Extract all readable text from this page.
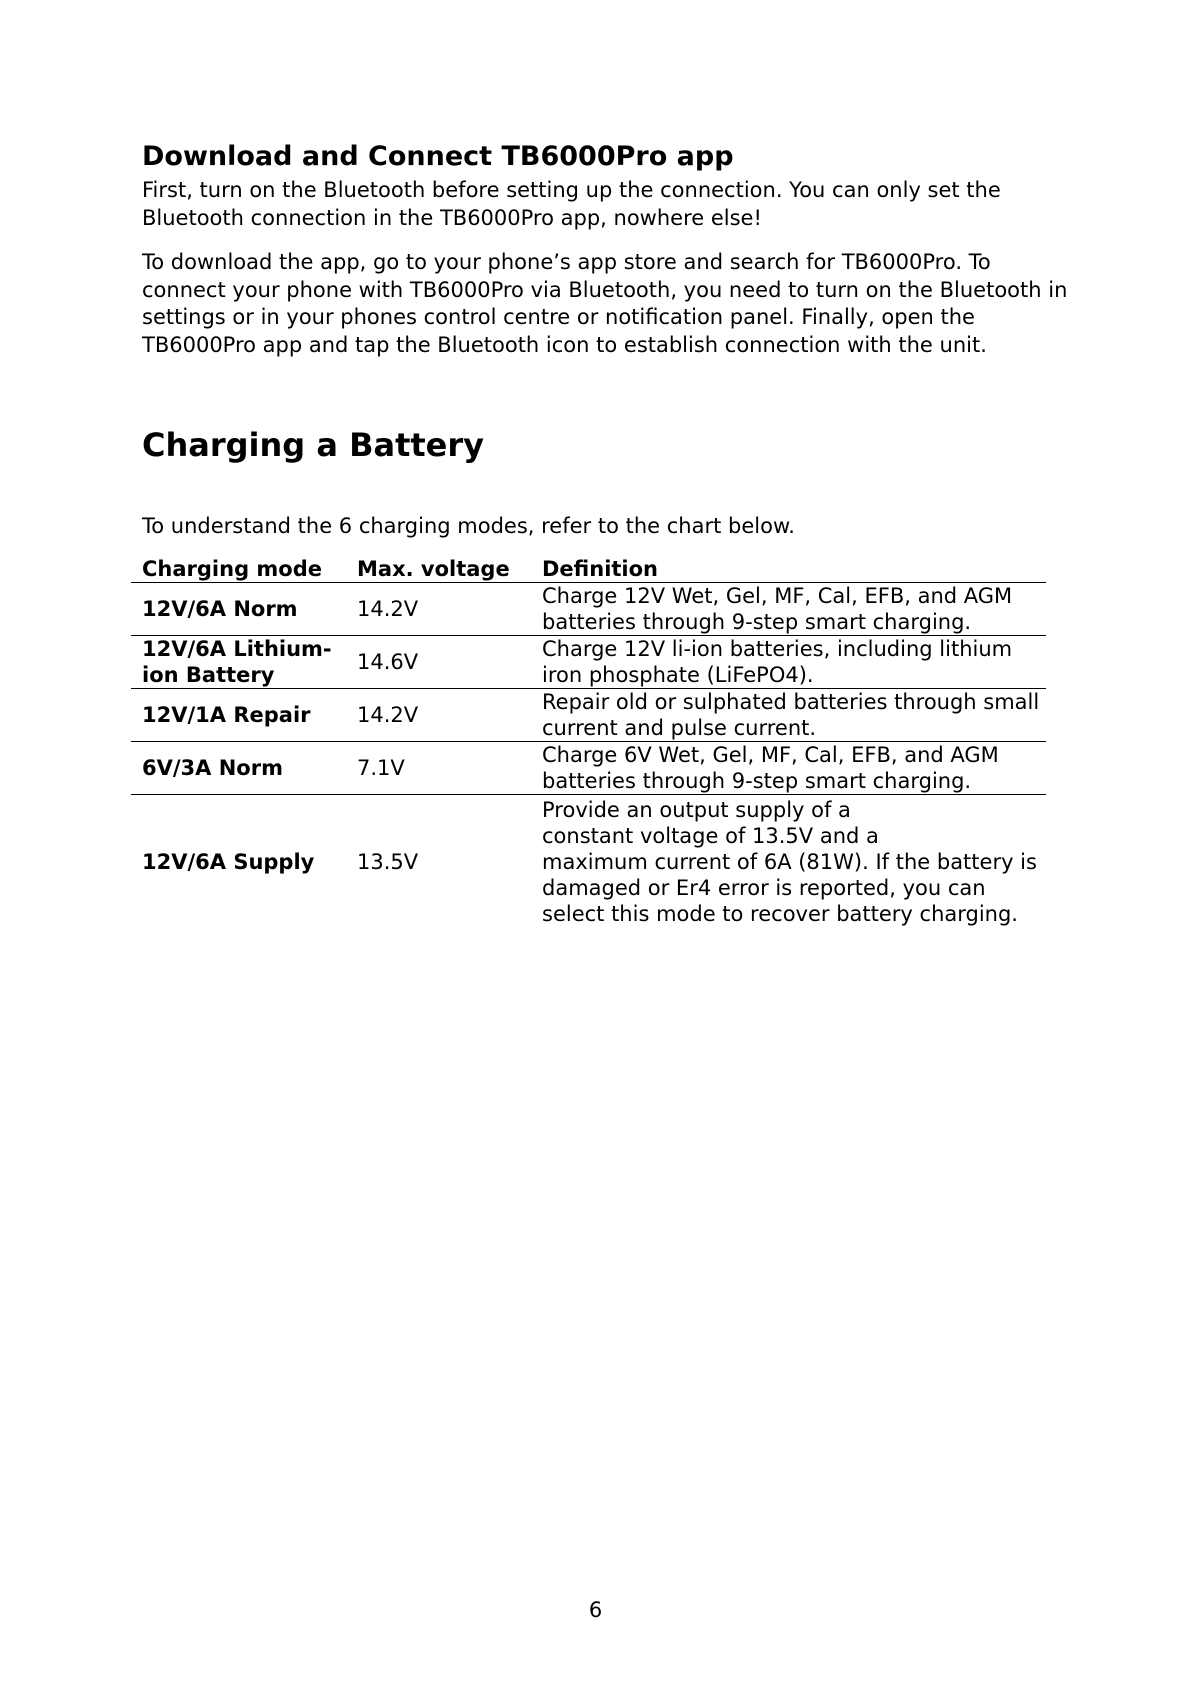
Download and Connect TB6000Pro app

First, turn on the Bluetooth before setting up the connection. You can only set the Bluetooth connection in the TB6000Pro app, nowhere else!

To download the app, go to your phone’s app store and search for TB6000Pro. To connect your phone with TB6000Pro via Bluetooth, you need to turn on the Bluetooth in settings or in your phones control centre or notification panel. Finally, open the TB6000Pro app and tap the Bluetooth icon to establish connection with the unit.

Charging a Battery

To understand the 6 charging modes, refer to the chart below.

Charging mode	Max. voltage	Definition
12V/6A Norm	14.2V	Charge 12V Wet, Gel, MF, Cal, EFB, and AGM batteries through 9-step smart charging.
12V/6A Lithium-ion Battery	14.6V	Charge 12V li-ion batteries, including lithium iron phosphate (LiFePO4).
12V/1A Repair	14.2V	Repair old or sulphated batteries through small current and pulse current.
6V/3A Norm	7.1V	Charge 6V Wet, Gel, MF, Cal, EFB, and AGM batteries through 9-step smart charging.
12V/6A Supply	13.5V	Provide an output supply of a
constant voltage of 13.5V and a
maximum current of 6A (81W). If the battery is damaged or Er4 error is reported, you can select this mode to recover battery charging.

6
